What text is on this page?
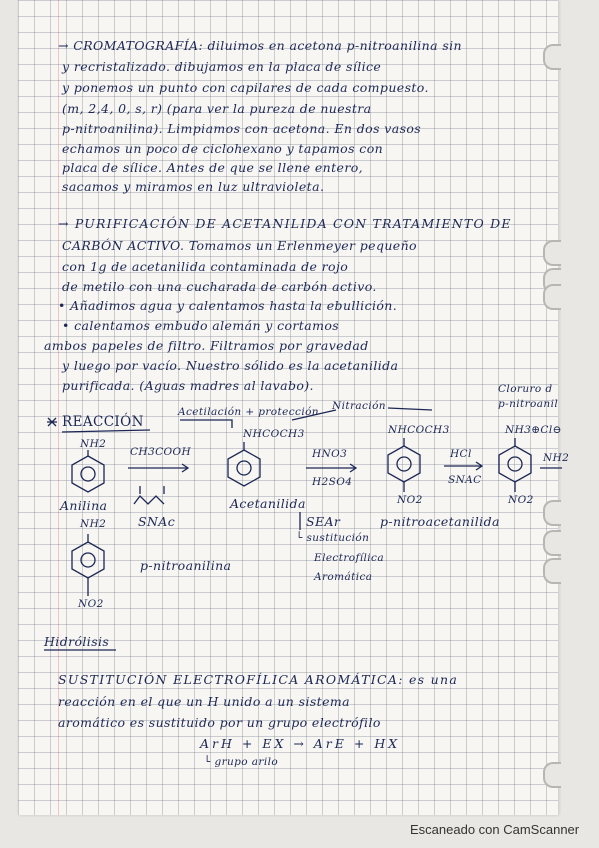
→ CROMATOGRAFÍA: diluimos en acetona p-nitroanilina sin
y recristalizado. dibujamos en la placa de sílice
y ponemos un punto con capilares de cada compuesto.
(m, 2,4, 0, s, r) (para ver la pureza de nuestra
p-nitroanilina). Limpiamos con acetona. En dos vasos
echamos un poco de ciclohexano y tapamos con
placa de sílice. Antes de que se llene entero,
sacamos y miramos en luz ultravioleta.
→ PURIFICACIÓN DE ACETANILIDA CON TRATAMIENTO DE
CARBÓN ACTIVO. Tomamos un Erlenmeyer pequeño
con 1g de acetanilida contaminada de rojo
de metilo con una cucharada de carbón activo.
• Añadimos agua y calentamos hasta la ebullición.
• calentamos embudo alemán y cortamos
ambos papeles de filtro. Filtramos por gravedad
y luego por vacío. Nuestro sólido es la acetanilida
purificada. (Aguas madres al lavabo).
REACCIÓN
Acetilación + protección Nitración
Cloruro d
p-nitroanil
NH2
NHCOCH3	NHCOCH3	NH3⊕Cl⊖
NH2
CH3COOH	HNO3
H2SO4
HCl
SNAC
NO2	NO2
Anilina
SNAc
Acetanilida
SEAr	p-nitroacetanilida
└ sustitución
Electrofílica
Aromática
NH2
p-nitroanilina
NO2
Hidrólisis
SUSTITUCIÓN ELECTROFÍLICA AROMÁTICA: es una
reacción en el que un H unido a un sistema
aromático es sustituido por un grupo electrófilo
ArH + EX → ArE + HX
└ grupo arilo
Escaneado con CamScanner
